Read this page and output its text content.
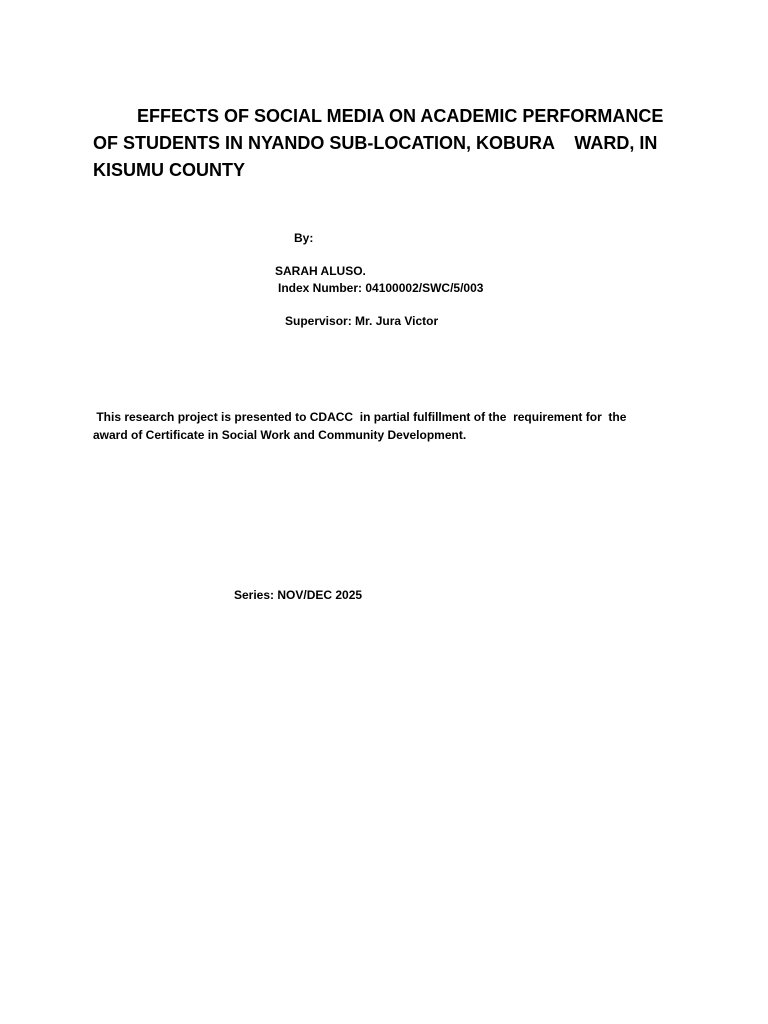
EFFECTS OF SOCIAL MEDIA ON ACADEMIC PERFORMANCE
OF STUDENTS IN NYANDO SUB-LOCATION, KOBURA    WARD, IN
KISUMU COUNTY

By:

SARAH ALUSO.

Index Number: 04100002/SWC/5/003

Supervisor: Mr. Jura Victor

This research project is presented to CDACC  in partial fulfillment of the  requirement for  the
award of Certificate in Social Work and Community Development.

Series: NOV/DEC 2025
